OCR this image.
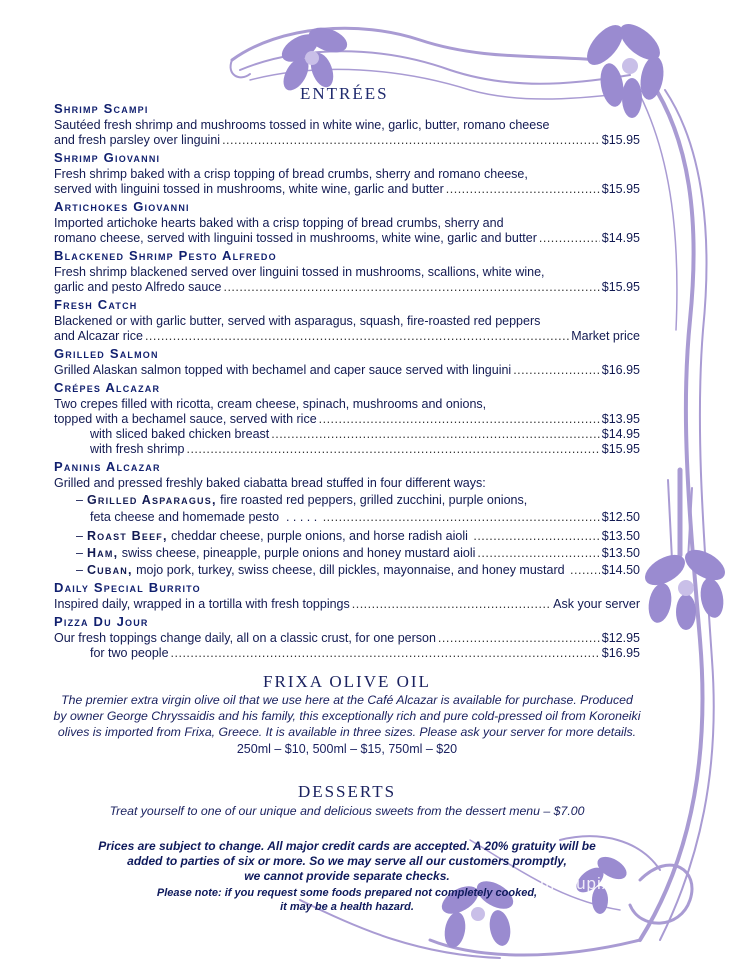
ENTRÉES
Shrimp Scampi
Sautéed fresh shrimp and mushrooms tossed in white wine, garlic, butter, romano cheese
and fresh parsley over linguini .....	$15.95
Shrimp Giovanni
Fresh shrimp baked with a crisp topping of bread crumbs, sherry and romano cheese,
served with linguini tossed in mushrooms, white wine, garlic and butter .....	$15.95
Artichokes Giovanni
Imported artichoke hearts baked with a crisp topping of bread crumbs, sherry and
romano cheese, served with linguini tossed in mushrooms, white wine, garlic and butter .....	$14.95
Blackened Shrimp Pesto Alfredo
Fresh shrimp blackened served over linguini tossed in mushrooms, scallions, white wine,
garlic and pesto Alfredo sauce .....	$15.95
Fresh Catch
Blackened or with garlic butter, served with asparagus, squash, fire-roasted red peppers
and Alcazar rice .....	Market price
Grilled Salmon
Grilled Alaskan salmon topped with bechamel and caper sauce served with linguini .....	$16.95
Crépes Alcazar
Two crepes filled with ricotta, cream cheese, spinach, mushrooms and onions,
topped with a bechamel sauce, served with rice .....	$13.95
with sliced baked chicken breast .....	$14.95
with fresh shrimp .....	$15.95
Paninis Alcazar
Grilled and pressed freshly baked ciabatta bread stuffed in four different ways:
– Grilled Asparagus, fire roasted red peppers, grilled zucchini, purple onions,
feta cheese and homemade pesto  . . . . . .....	$12.50
– Roast Beef, cheddar cheese, purple onions, and horse radish aioli .....	$13.50
– Ham, swiss cheese, pineapple, purple onions and honey mustard aioli .....	$13.50
– Cuban, mojo pork, turkey, swiss cheese, dill pickles, mayonnaise, and honey mustard .....	$14.50
Daily Special Burrito
Inspired daily, wrapped in a tortilla with fresh toppings .....	Ask your server
Pizza Du Jour
Our fresh toppings change daily, all on a classic crust, for one person .....	$12.95
for two people .....	$16.95
FRIXA OLIVE OIL
The premier extra virgin olive oil that we use here at the Café Alcazar is available for purchase. Produced
by owner George Chryssaidis and his family, this exceptionally rich and pure cold-pressed oil from Koroneiki
olives is imported from Frixa, Greece. It is available in three sizes. Please ask your server for more details.
250ml – $10, 500ml – $15, 750ml – $20
DESSERTS
Treat yourself to one of our unique and delicious sweets from the dessert menu – $7.00
Prices are subject to change. All major credit cards are accepted. A 20% gratuity will be
added to parties of six or more. So we may serve all our customers promptly,
we cannot provide separate checks.
Please note: if you request some foods prepared not completely cooked,
it may be a health hazard.
menupix
